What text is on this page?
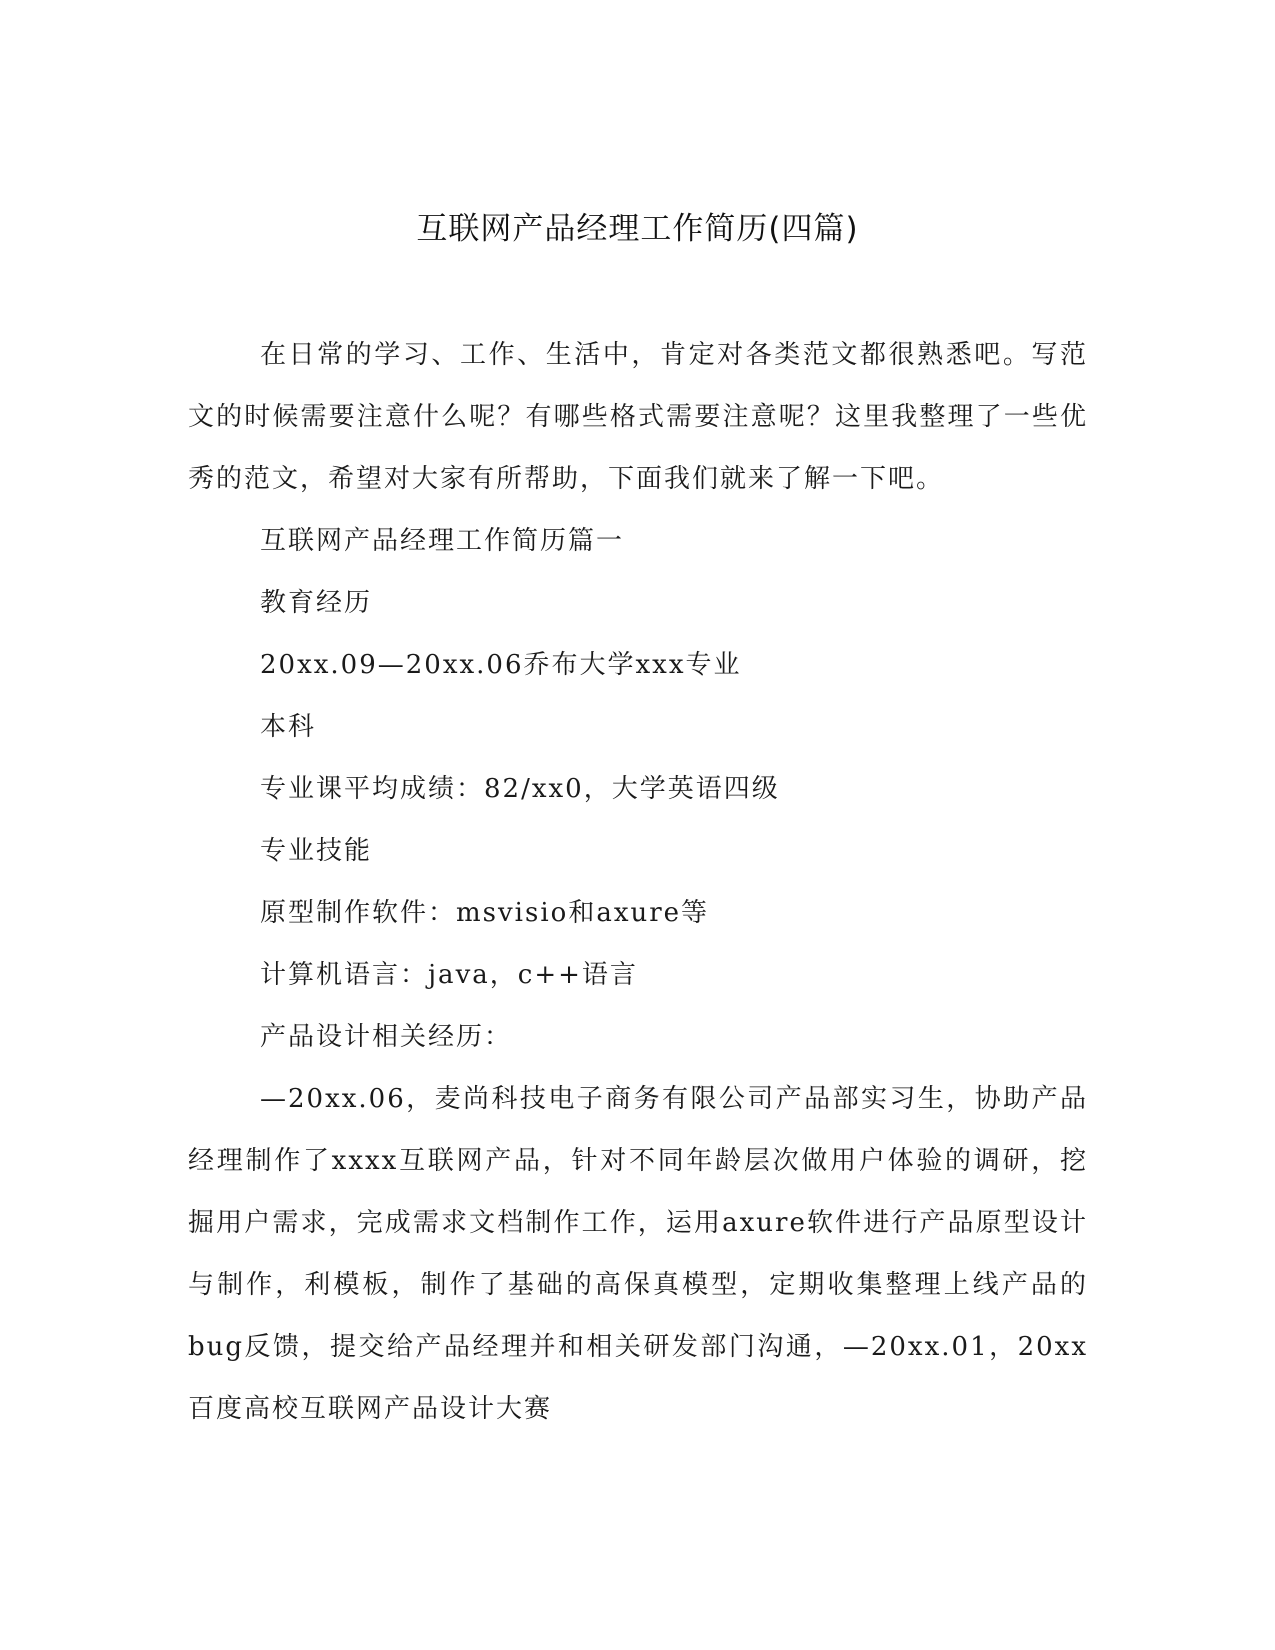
互联网产品经理工作简历(四篇)

在日常的学习、工作、生活中，肯定对各类范文都很熟悉吧。写范文的时候需要注意什么呢？有哪些格式需要注意呢？这里我整理了一些优秀的范文，希望对大家有所帮助，下面我们就来了解一下吧。

互联网产品经理工作简历篇一

教育经历

20xx.09—20xx.06乔布大学xxx专业

本科

专业课平均成绩：82/xx0，大学英语四级

专业技能

原型制作软件：msvisio和axure等

计算机语言：java，c++语言

产品设计相关经历：

—20xx.06，麦尚科技电子商务有限公司产品部实习生，协助产品经理制作了xxxx互联网产品，针对不同年龄层次做用户体验的调研，挖掘用户需求，完成需求文档制作工作，运用axure软件进行产品原型设计与制作，利模板，制作了基础的高保真模型，定期收集整理上线产品的bug反馈，提交给产品经理并和相关研发部门沟通，—20xx.01，20xx百度高校互联网产品设计大赛
